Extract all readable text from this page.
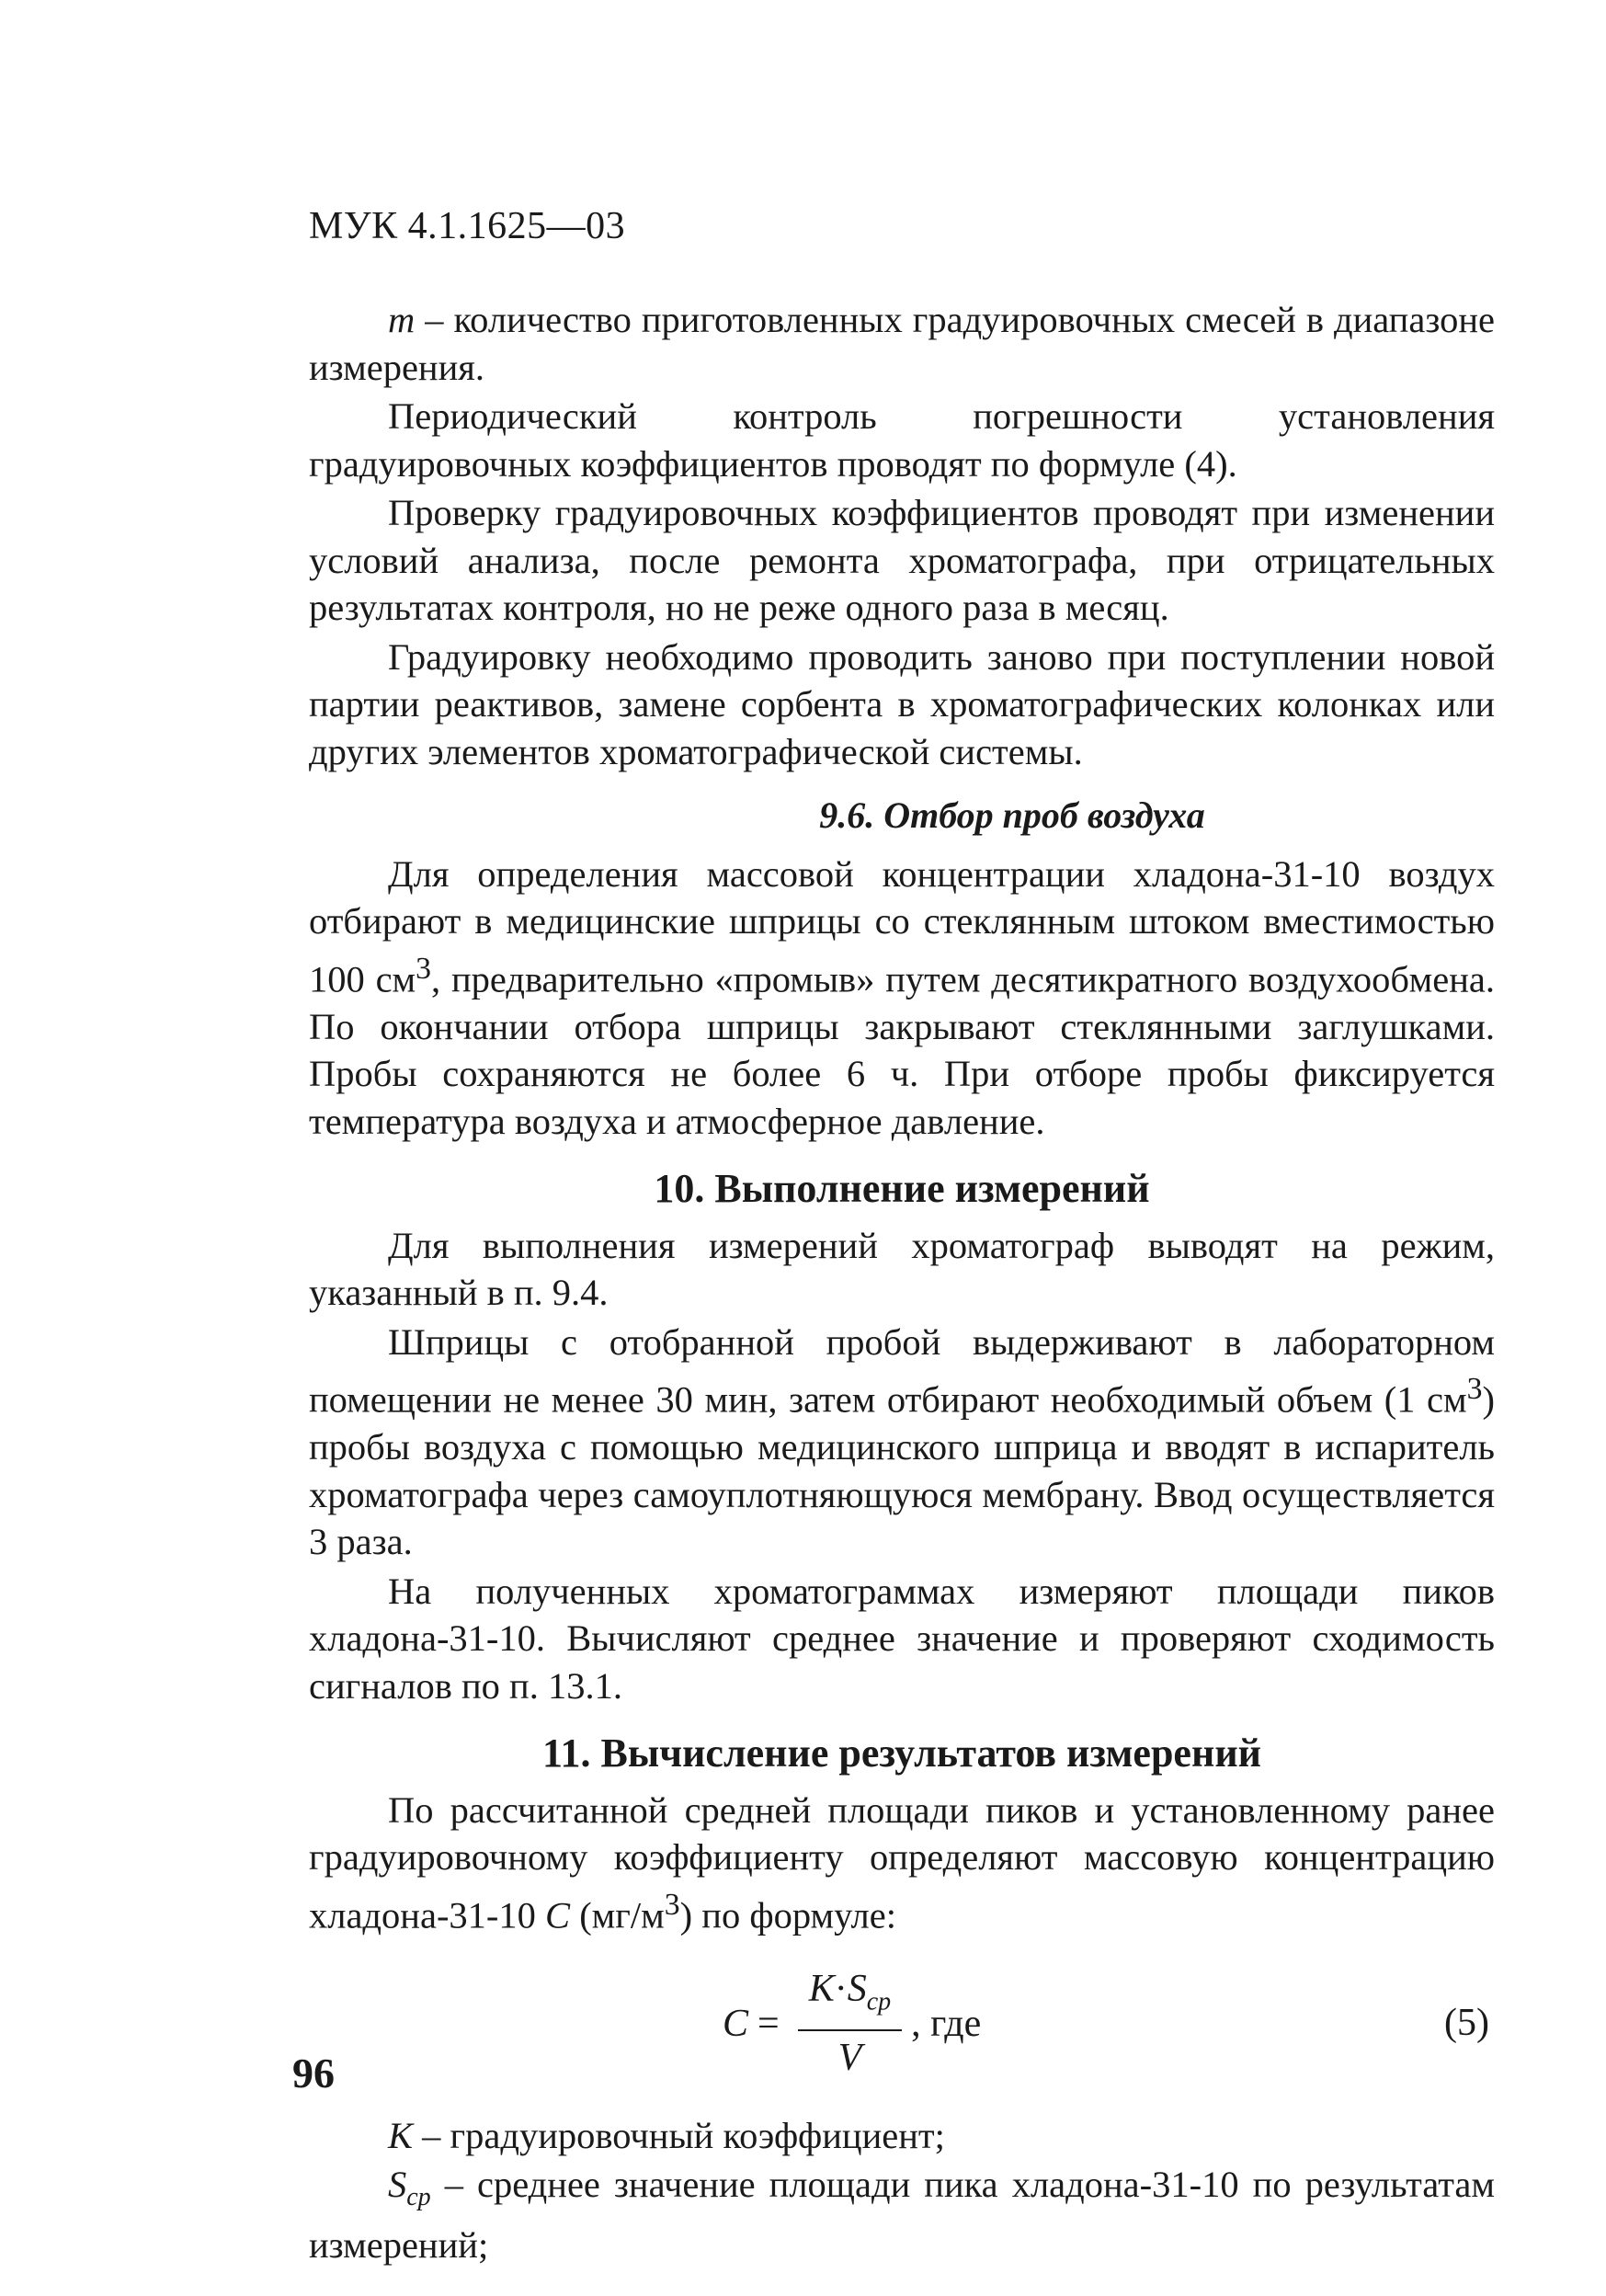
МУК 4.1.1625—03

m – количество приготовленных градуировочных смесей в диапазоне измерения.

Периодический контроль погрешности установления градуировочных коэффициентов проводят по формуле (4).

Проверку градуировочных коэффициентов проводят при изменении условий анализа, после ремонта хроматографа, при отрицательных результатах контроля, но не реже одного раза в месяц.

Градуировку необходимо проводить заново при поступлении новой партии реактивов, замене сорбента в хроматографических колонках или других элементов хроматографической системы.

9.6. Отбор проб воздуха

Для определения массовой концентрации хладона-31-10 воздух отбирают в медицинские шприцы со стеклянным штоком вместимостью 100 $см^3$, предварительно «промыв» путем десятикратного воздухообмена. По окончании отбора шприцы закрывают стеклянными заглушками. Пробы сохраняются не более 6 ч. При отборе пробы фиксируется температура воздуха и атмосферное давление.

10. Выполнение измерений

Для выполнения измерений хроматограф выводят на режим, указанный в п. 9.4.

Шприцы с отобранной пробой выдерживают в лабораторном помещении не менее 30 мин, затем отбирают необходимый объем (1 $см^3$) пробы воздуха с помощью медицинского шприца и вводят в испаритель хроматографа через самоуплотняющуюся мембрану. Ввод осуществляется 3 раза.

На полученных хроматограммах измеряют площади пиков хладона-31-10. Вычисляют среднее значение и проверяют сходимость сигналов по п. 13.1.

11. Вычисление результатов измерений

По рассчитанной средней площади пиков и установленному ранее градуировочному коэффициенту определяют массовую концентрацию хладона-31-10 C $(мг/м^3)$ по формуле:

$C = \frac{K\cdot S_{ср}}{V}$ , где	(5)

K – градуировочный коэффициент;

$S_{ср}$ – среднее значение площади пика хладона-31-10 по результатам измерений;

96
